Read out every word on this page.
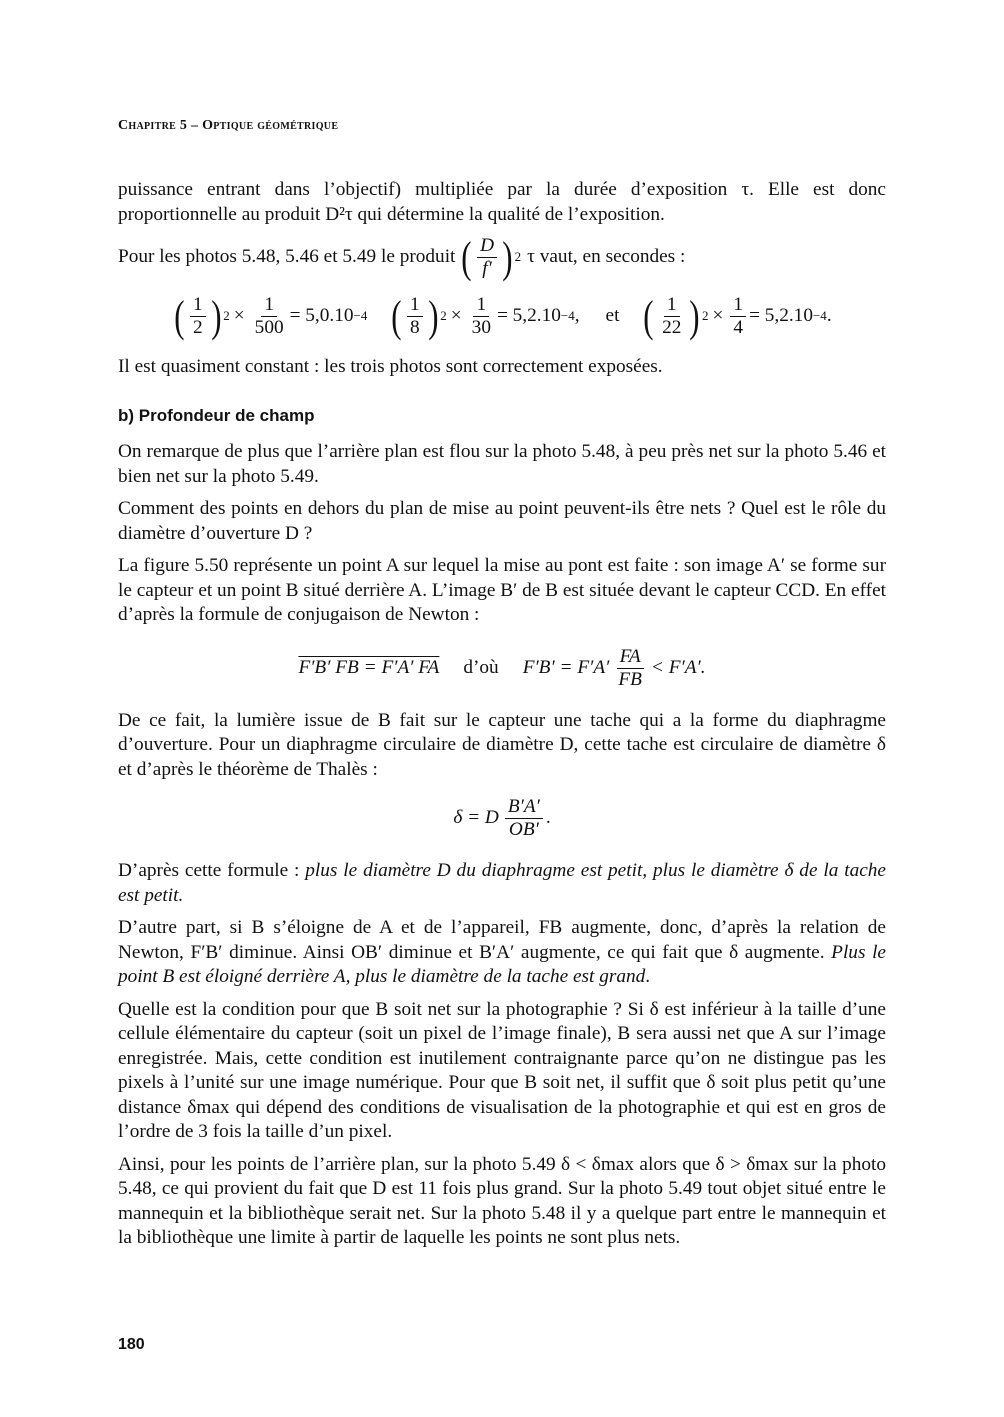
Chapitre 5 – Optique géométrique

puissance entrant dans l’objectif) multipliée par la durée d’exposition τ. Elle est donc proportionnelle au produit D²τ qui détermine la qualité de l’exposition.

Pour les photos 5.48, 5.46 et 5.49 le produit ( $\frac{D}{f'}$ ) 2 τ vaut, en secondes :

( $\frac{1}{2}$ ) $2 \times \frac{1}{500} = 5,0.10 -4$ ( $\frac{1}{8}$ ) $2 \times \frac{1}{30} = 5,2.10 -4$ , et ( $\frac{1}{22}$ ) $2 \times \frac{1}{4} = 5,2.10 -4$ .

Il est quasiment constant : les trois photos sont correctement exposées.

b) Profondeur de champ

On remarque de plus que l’arrière plan est flou sur la photo 5.48, à peu près net sur la photo 5.46 et bien net sur la photo 5.49.

Comment des points en dehors du plan de mise au point peuvent-ils être nets ? Quel est le rôle du diamètre d’ouverture D ?

La figure 5.50 représente un point A sur lequel la mise au pont est faite : son image A′ se forme sur le capteur et un point B situé derrière A. L’image B′ de B est située devant le capteur CCD. En effet d’après la formule de conjugaison de Newton :

F′B′ FB = F′A′ FA d’où $F'B' = F'A' \frac{FA}{FB} < F'A'$.

De ce fait, la lumière issue de B fait sur le capteur une tache qui a la forme du diaphragme d’ouverture. Pour un diaphragme circulaire de diamètre D, cette tache est circulaire de diamètre δ et d’après le théorème de Thalès :

δ = D $\frac{B'A'}{OB'}$ .

D’après cette formule : plus le diamètre D du diaphragme est petit, plus le diamètre δ de la tache est petit.

D’autre part, si B s’éloigne de A et de l’appareil, FB augmente, donc, d’après la relation de Newton, F′B′ diminue. Ainsi OB′ diminue et B′A′ augmente, ce qui fait que δ augmente. Plus le point B est éloigné derrière A, plus le diamètre de la tache est grand.

Quelle est la condition pour que B soit net sur la photographie ? Si δ est inférieur à la taille d’une cellule élémentaire du capteur (soit un pixel de l’image finale), B sera aussi net que A sur l’image enregistrée. Mais, cette condition est inutilement contraignante parce qu’on ne distingue pas les pixels à l’unité sur une image numérique. Pour que B soit net, il suffit que δ soit plus petit qu’une distance δmax qui dépend des conditions de visualisation de la photographie et qui est en gros de l’ordre de 3 fois la taille d’un pixel.

Ainsi, pour les points de l’arrière plan, sur la photo 5.49 δ < δmax alors que δ > δmax sur la photo 5.48, ce qui provient du fait que D est 11 fois plus grand. Sur la photo 5.49 tout objet situé entre le mannequin et la bibliothèque serait net. Sur la photo 5.48 il y a quelque part entre le mannequin et la bibliothèque une limite à partir de laquelle les points ne sont plus nets.

180
